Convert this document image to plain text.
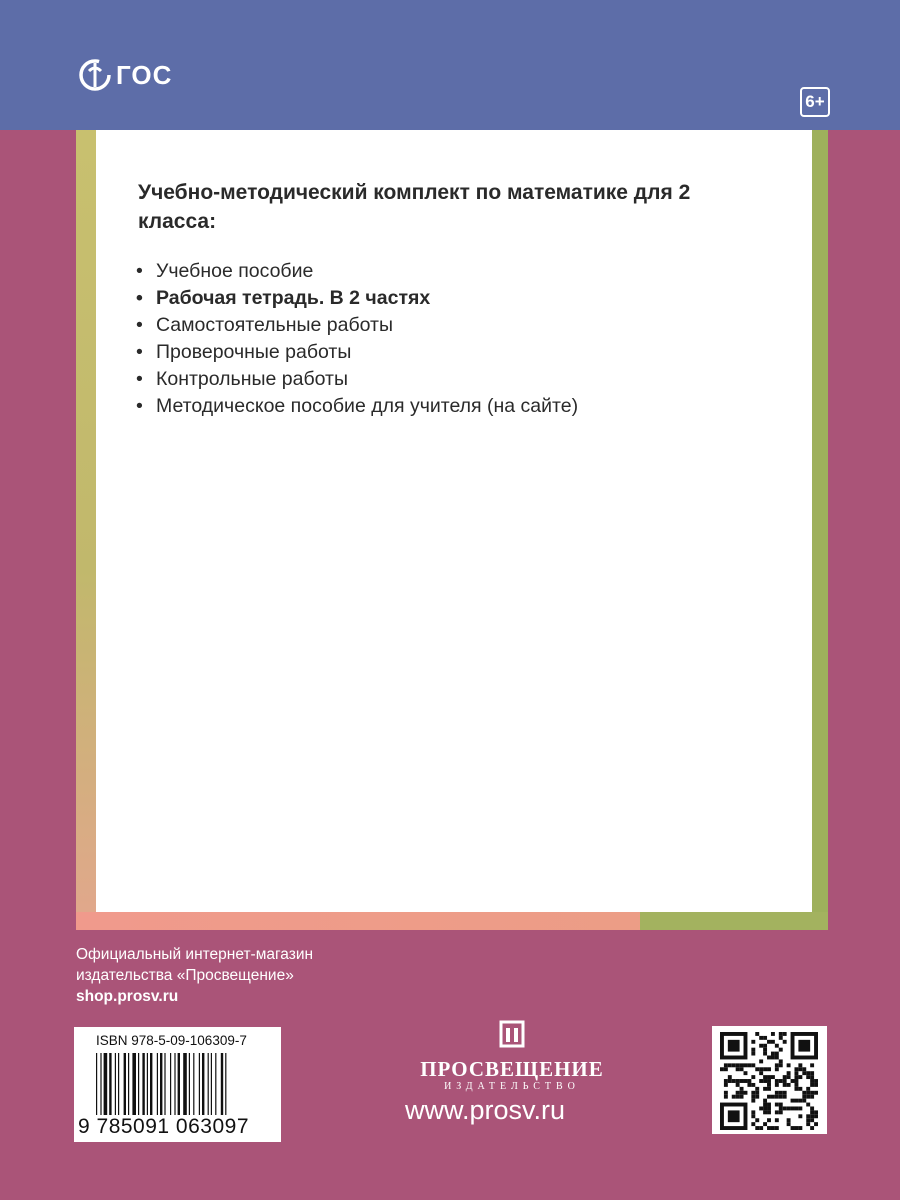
ГОС
6+
Учебно-методический комплект по математике для 2 класса:
• Учебное пособие
• Рабочая тетрадь. В 2 частях
• Самостоятельные работы
• Проверочные работы
• Контрольные работы
• Методическое пособие для учителя (на сайте)
Официальный интернет-магазин
издательства «Просвещение»
shop.prosv.ru
ISBN 978-5-09-106309-7
9 785091 063097
ПРОСВЕЩЕНИЕ
ИЗДАТЕЛЬСТВО
www.prosv.ru
